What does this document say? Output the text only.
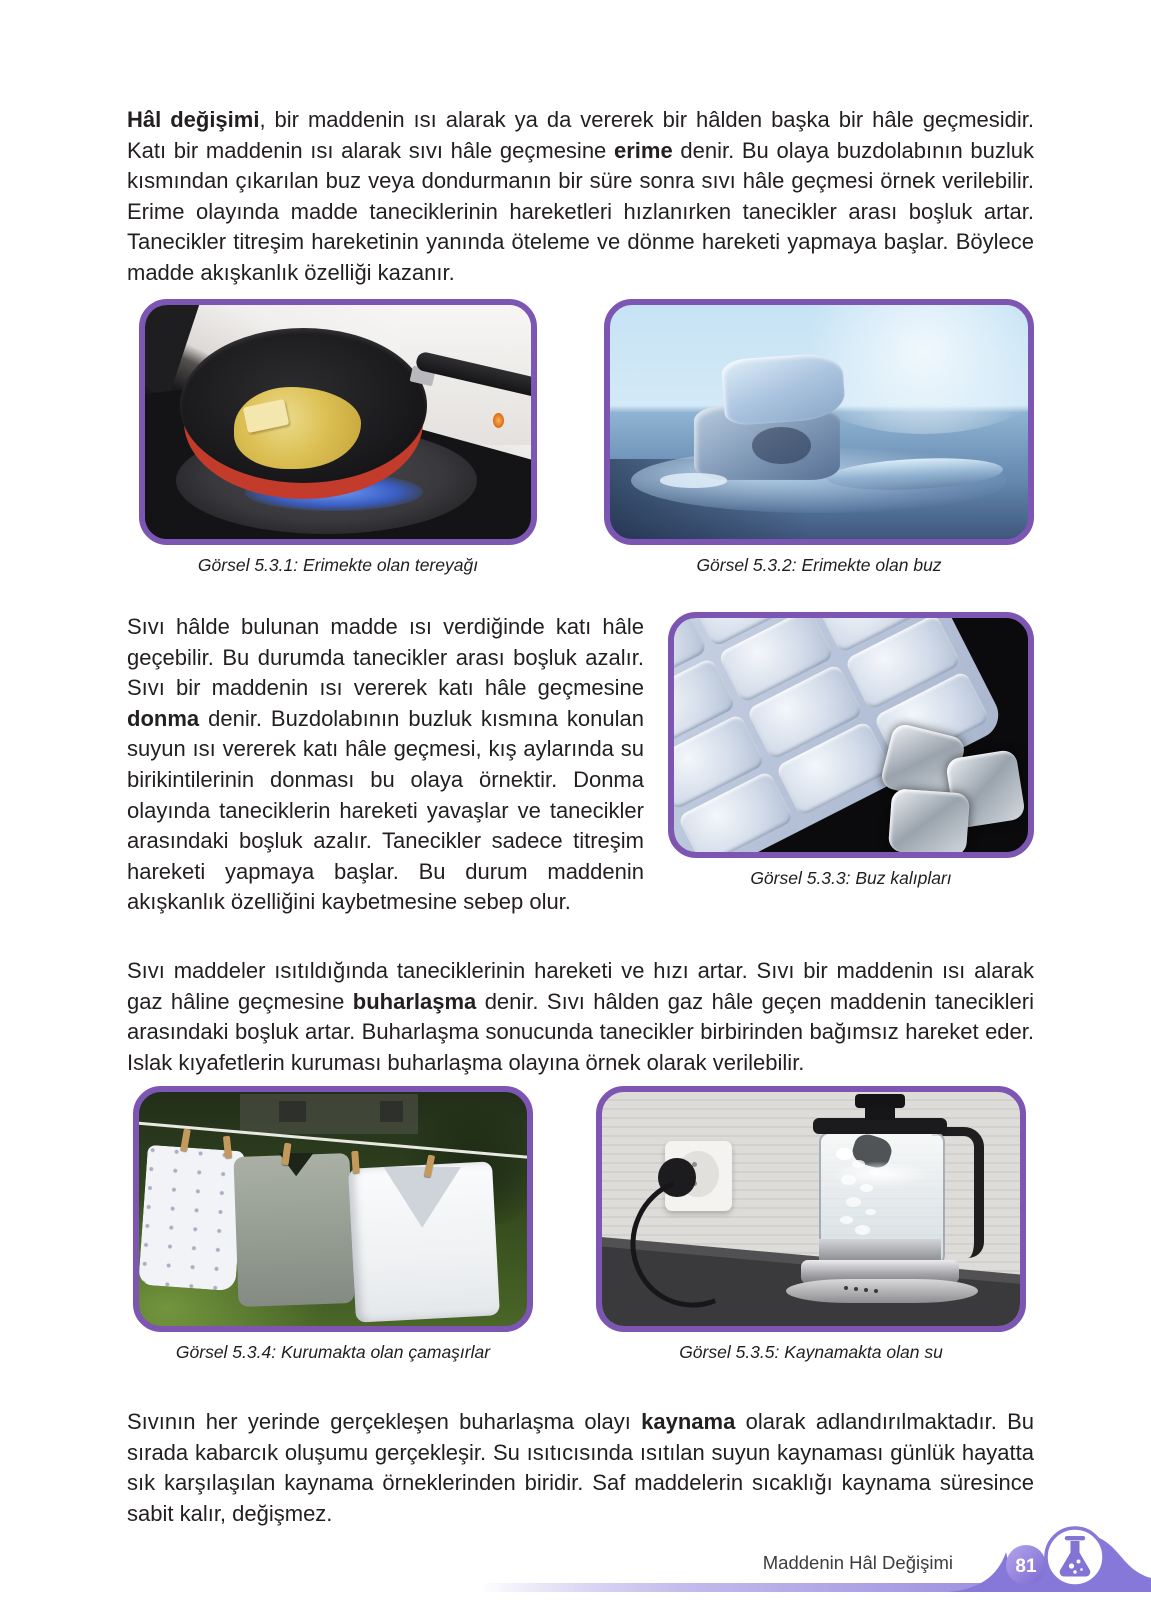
Hâl değişimi, bir maddenin ısı alarak ya da vererek bir hâlden başka bir hâle geçmesidir. Katı bir maddenin ısı alarak sıvı hâle geçmesine erime denir. Bu olaya buzdolabının buzluk kısmından çıkarılan buz veya dondurmanın bir süre sonra sıvı hâle geçmesi örnek verilebilir. Erime olayında madde taneciklerinin hareketleri hızlanırken tanecikler arası boşluk artar. Tanecikler titreşim hareketinin yanında öteleme ve dönme hareketi yapmaya başlar. Böylece madde akışkanlık özelliği kazanır.

Görsel 5.3.1: Erimekte olan tereyağı	Görsel 5.3.2: Erimekte olan buz

Sıvı hâlde bulunan madde ısı verdiğinde katı hâle geçebilir. Bu durumda tanecikler arası boşluk azalır. Sıvı bir maddenin ısı vererek katı hâle geçmesine donma denir. Buzdolabının buzluk kısmına konulan suyun ısı vererek katı hâle geçmesi, kış aylarında su birikintilerinin donması bu olaya örnektir. Donma olayında taneciklerin hareketi yavaşlar ve tanecikler arasındaki boşluk azalır. Tanecikler sadece titreşim hareketi yapmaya başlar. Bu durum maddenin akışkanlık özelliğini kaybetmesine sebep olur.

Görsel 5.3.3: Buz kalıpları

Sıvı maddeler ısıtıldığında taneciklerinin hareketi ve hızı artar. Sıvı bir maddenin ısı alarak gaz hâline geçmesine buharlaşma denir. Sıvı hâlden gaz hâle geçen maddenin tanecikleri arasındaki boşluk artar. Buharlaşma sonucunda tanecikler birbirinden bağımsız hareket eder. Islak kıyafetlerin kuruması buharlaşma olayına örnek olarak verilebilir.

Görsel 5.3.4: Kurumakta olan çamaşırlar	Görsel 5.3.5: Kaynamakta olan su

Sıvının her yerinde gerçekleşen buharlaşma olayı kaynama olarak adlandırılmaktadır. Bu sırada kabarcık oluşumu gerçekleşir. Su ısıtıcısında ısıtılan suyun kaynaması günlük hayatta sık karşılaşılan kaynama örneklerinden biridir. Saf maddelerin sıcaklığı kaynama süresince sabit kalır, değişmez.

Maddenin Hâl Değişimi	81
